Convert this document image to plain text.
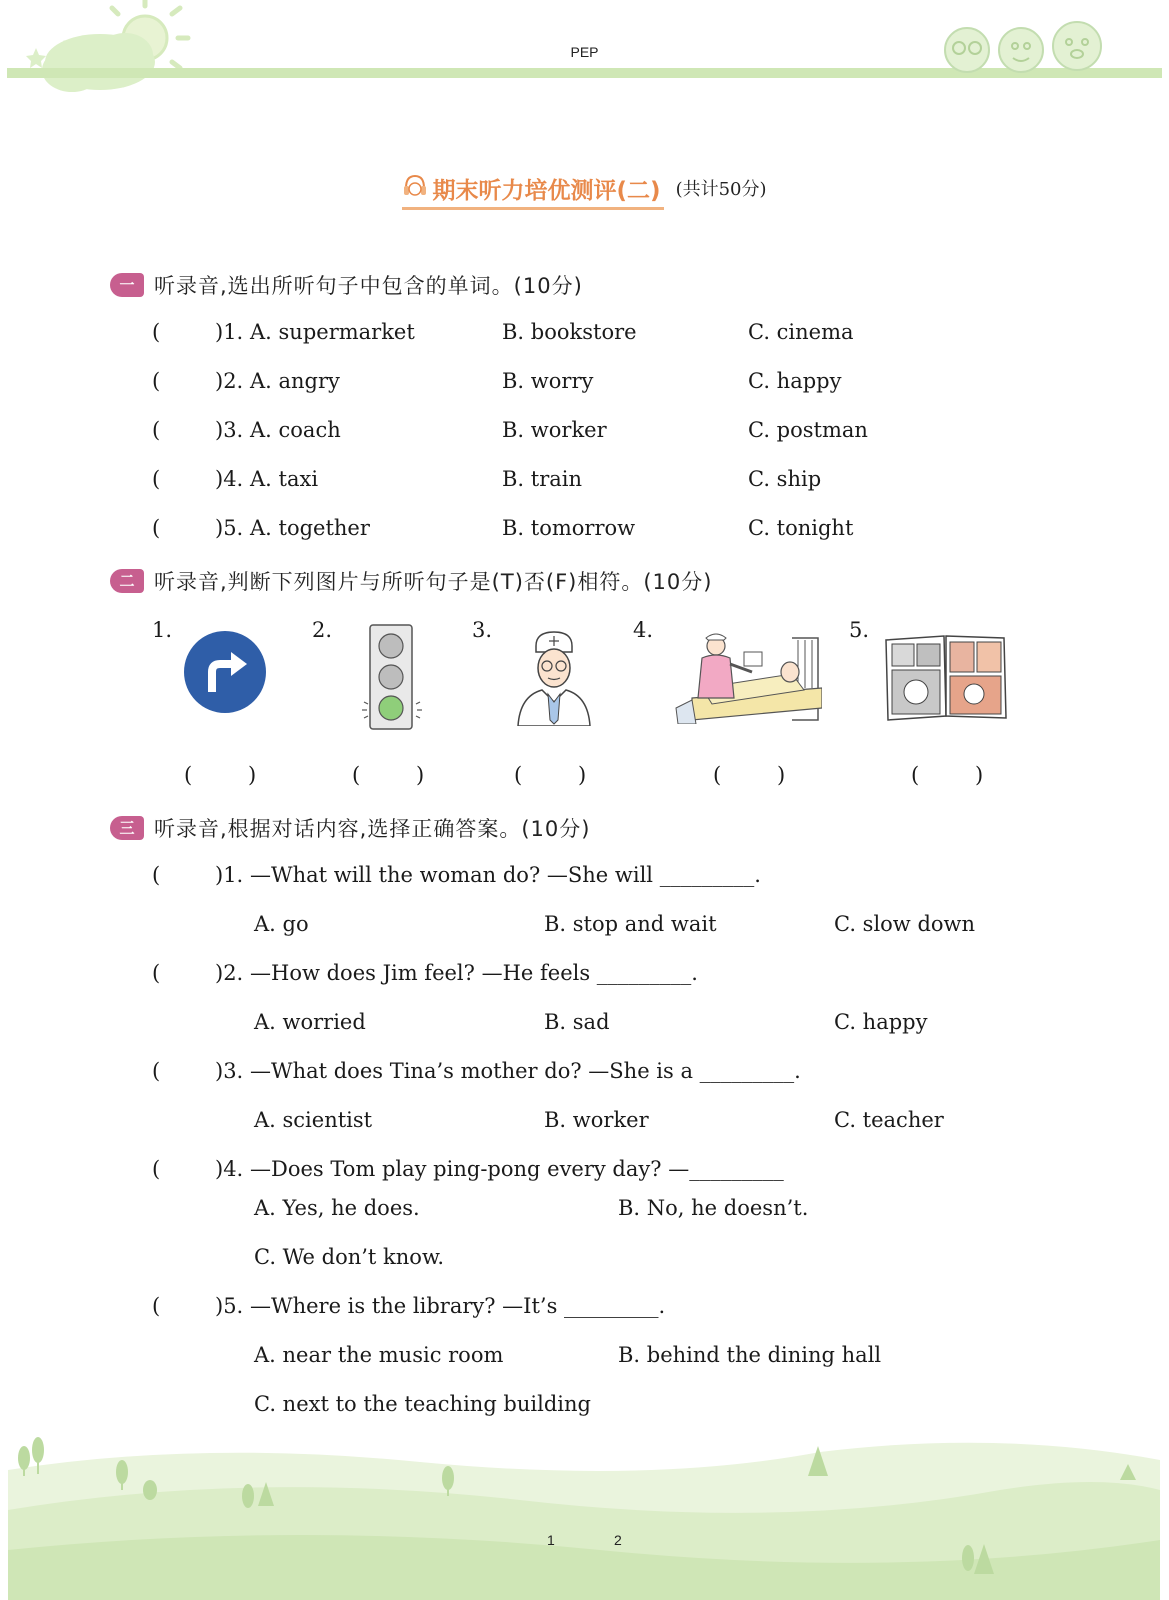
PEP
期末听力培优测评(二) (共计50分)
一 听录音,选出所听句子中包含的单词。(10分)
(	)1. A. supermarket	B. bookstore	C. cinema
(	)2. A. angry	B. worry	C. happy
(	)3. A. coach	B. worker	C. postman
(	)4. A. taxi	B. train	C. ship
(	)5. A. together	B. tomorrow	C. tonight
二 听录音,判断下列图片与所听句子是(T)否(F)相符。(10分)
1.	2.	3.	4.	5.
(	)	(	)	(	)	(	)	(	)
三 听录音,根据对话内容,选择正确答案。(10分)
(	)1. —What will the woman do? —She will _________.
A. go	B. stop and wait	C. slow down
(	)2. —How does Jim feel? —He feels _________.
A. worried	B. sad	C. happy
(	)3. —What does Tina’s mother do? —She is a _________.
A. scientist	B. worker	C. teacher
(	)4. —Does Tom play ping-pong every day? —_________
A. Yes, he does.	B. No, he doesn’t.
C. We don’t know.
(	)5. —Where is the library? —It’s _________.
A. near the music room	B. behind the dining hall
C. next to the teaching building
1	2
